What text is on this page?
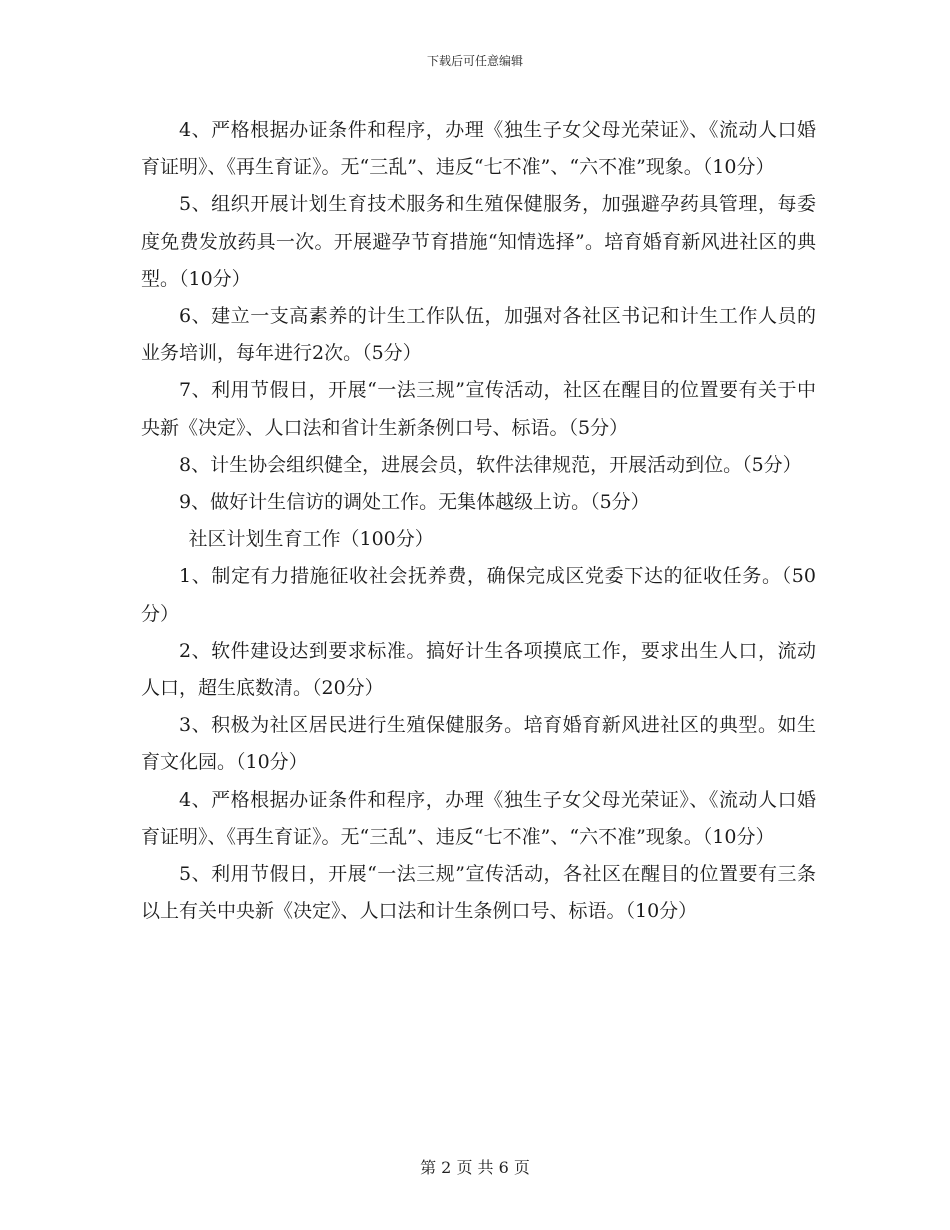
下载后可任意编辑

4、严格根据办证条件和程序，办理《独生子女父母光荣证》、《流动人口婚育证明》、《再生育证》。无“三乱”、违反“七不准”、“六不准”现象。（10分）

5、组织开展计划生育技术服务和生殖保健服务，加强避孕药具管理，每委度免费发放药具一次。开展避孕节育措施“知情选择”。培育婚育新风进社区的典型。（10分）

6、建立一支高素养的计生工作队伍，加强对各社区书记和计生工作人员的业务培训，每年进行2次。（5分）

7、利用节假日，开展“一法三规”宣传活动，社区在醒目的位置要有关于中央新《决定》、人口法和省计生新条例口号、标语。（5分）

8、计生协会组织健全，进展会员，软件法律规范，开展活动到位。（5分）

9、做好计生信访的调处工作。无集体越级上访。（5分）

社区计划生育工作（100分）

1、制定有力措施征收社会抚养费，确保完成区党委下达的征收任务。（50分）

2、软件建设达到要求标准。搞好计生各项摸底工作，要求出生人口，流动人口，超生底数清。（20分）

3、积极为社区居民进行生殖保健服务。培育婚育新风进社区的典型。如生育文化园。（10分）

4、严格根据办证条件和程序，办理《独生子女父母光荣证》、《流动人口婚育证明》、《再生育证》。无“三乱”、违反“七不准”、“六不准”现象。（10分）

5、利用节假日，开展“一法三规”宣传活动，各社区在醒目的位置要有三条以上有关中央新《决定》、人口法和计生条例口号、标语。（10分）

第 2 页 共 6 页
